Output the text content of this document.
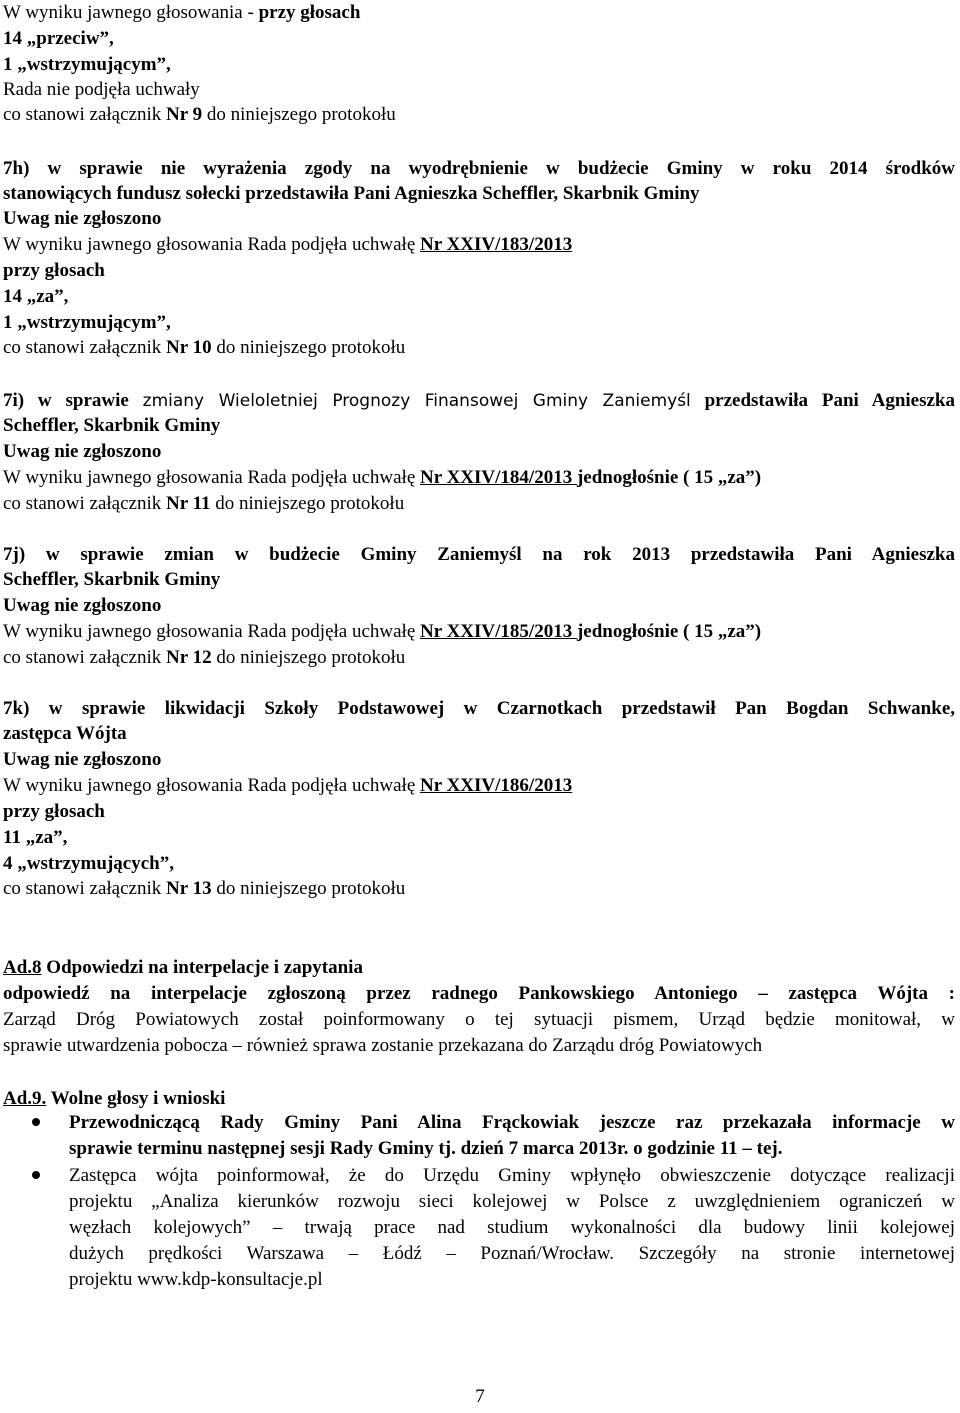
W wyniku jawnego głosowania - przy głosach
14 „przeciw”,
1 „wstrzymującym”,
Rada nie podjęła uchwały
co stanowi załącznik Nr 9 do niniejszego protokołu
7h) w sprawie nie wyrażenia zgody na wyodrębnienie w budżecie Gminy w roku 2014 środków
stanowiących fundusz sołecki przedstawiła Pani Agnieszka Scheffler, Skarbnik Gminy
Uwag nie zgłoszono
W wyniku jawnego głosowania Rada podjęła uchwałę Nr XXIV/183/2013
przy głosach
14 „za”,
1 „wstrzymującym”,
co stanowi załącznik Nr 10 do niniejszego protokołu
7i) w sprawie zmiany Wieloletniej Prognozy Finansowej Gminy Zaniemyśl przedstawiła Pani Agnieszka
Scheffler, Skarbnik Gminy
Uwag nie zgłoszono
W wyniku jawnego głosowania Rada podjęła uchwałę Nr XXIV/184/2013 jednogłośnie ( 15 „za”)
co stanowi załącznik Nr 11 do niniejszego protokołu
7j) w sprawie zmian w budżecie Gminy Zaniemyśl na rok 2013 przedstawiła Pani Agnieszka
Scheffler, Skarbnik Gminy
Uwag nie zgłoszono
W wyniku jawnego głosowania Rada podjęła uchwałę Nr XXIV/185/2013 jednogłośnie ( 15 „za”)
co stanowi załącznik Nr 12 do niniejszego protokołu
7k) w sprawie likwidacji Szkoły Podstawowej w Czarnotkach przedstawił Pan Bogdan Schwanke,
zastępca Wójta
Uwag nie zgłoszono
W wyniku jawnego głosowania Rada podjęła uchwałę Nr XXIV/186/2013
przy głosach
11 „za”,
4 „wstrzymujących”,
co stanowi załącznik Nr 13 do niniejszego protokołu
Ad.8 Odpowiedzi na interpelacje i zapytania
odpowiedź na interpelacje zgłoszoną przez radnego Pankowskiego Antoniego – zastępca Wójta :
Zarząd Dróg Powiatowych został poinformowany o tej sytuacji pismem, Urząd będzie monitował, w
sprawie utwardzenia pobocza – również sprawa zostanie przekazana do Zarządu dróg Powiatowych
Ad.9. Wolne głosy i wnioski
Przewodniczącą Rady Gminy Pani Alina Frąckowiak jeszcze raz przekazała informacje w
sprawie terminu następnej sesji Rady Gminy tj. dzień 7 marca 2013r. o godzinie 11 – tej.
Zastępca wójta poinformował, że do Urzędu Gminy wpłynęło obwieszczenie dotyczące realizacji
projektu „Analiza kierunków rozwoju sieci kolejowej w Polsce z uwzględnieniem ograniczeń w
węzłach kolejowych” – trwają prace nad studium wykonalności dla budowy linii kolejowej
dużych prędkości Warszawa – Łódź – Poznań/Wrocław. Szczegóły na stronie internetowej
projektu www.kdp-konsultacje.pl
7
